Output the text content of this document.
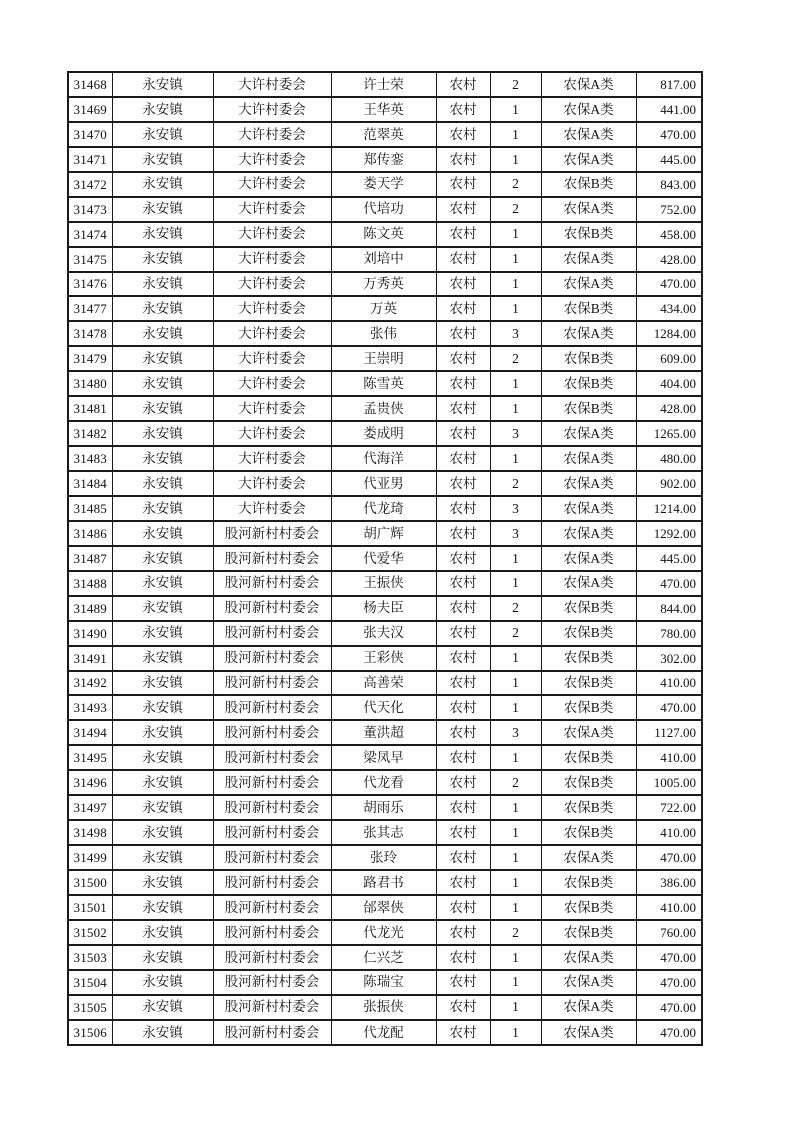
31468	永安镇	大许村委会	许士荣	农村	2	农保A类	817.00
31469	永安镇	大许村委会	王华英	农村	1	农保A类	441.00
31470	永安镇	大许村委会	范翠英	农村	1	农保A类	470.00
31471	永安镇	大许村委会	郑传銮	农村	1	农保A类	445.00
31472	永安镇	大许村委会	娄天学	农村	2	农保B类	843.00
31473	永安镇	大许村委会	代培功	农村	2	农保A类	752.00
31474	永安镇	大许村委会	陈文英	农村	1	农保B类	458.00
31475	永安镇	大许村委会	刘培中	农村	1	农保A类	428.00
31476	永安镇	大许村委会	万秀英	农村	1	农保A类	470.00
31477	永安镇	大许村委会	万英	农村	1	农保B类	434.00
31478	永安镇	大许村委会	张伟	农村	3	农保A类	1284.00
31479	永安镇	大许村委会	王崇明	农村	2	农保B类	609.00
31480	永安镇	大许村委会	陈雪英	农村	1	农保B类	404.00
31481	永安镇	大许村委会	孟贵侠	农村	1	农保B类	428.00
31482	永安镇	大许村委会	娄成明	农村	3	农保A类	1265.00
31483	永安镇	大许村委会	代海洋	农村	1	农保A类	480.00
31484	永安镇	大许村委会	代亚男	农村	2	农保A类	902.00
31485	永安镇	大许村委会	代龙琦	农村	3	农保A类	1214.00
31486	永安镇	股河新村村委会	胡广辉	农村	3	农保A类	1292.00
31487	永安镇	股河新村村委会	代爱华	农村	1	农保A类	445.00
31488	永安镇	股河新村村委会	王振侠	农村	1	农保A类	470.00
31489	永安镇	股河新村村委会	杨夫臣	农村	2	农保B类	844.00
31490	永安镇	股河新村村委会	张夫汉	农村	2	农保B类	780.00
31491	永安镇	股河新村村委会	王彩侠	农村	1	农保B类	302.00
31492	永安镇	股河新村村委会	高善荣	农村	1	农保B类	410.00
31493	永安镇	股河新村村委会	代天化	农村	1	农保B类	470.00
31494	永安镇	股河新村村委会	董洪超	农村	3	农保A类	1127.00
31495	永安镇	股河新村村委会	梁凤早	农村	1	农保B类	410.00
31496	永安镇	股河新村村委会	代龙看	农村	2	农保B类	1005.00
31497	永安镇	股河新村村委会	胡雨乐	农村	1	农保B类	722.00
31498	永安镇	股河新村村委会	张其志	农村	1	农保B类	410.00
31499	永安镇	股河新村村委会	张玲	农村	1	农保A类	470.00
31500	永安镇	股河新村村委会	路君书	农村	1	农保B类	386.00
31501	永安镇	股河新村村委会	邰翠侠	农村	1	农保B类	410.00
31502	永安镇	股河新村村委会	代龙光	农村	2	农保B类	760.00
31503	永安镇	股河新村村委会	仁兴芝	农村	1	农保A类	470.00
31504	永安镇	股河新村村委会	陈瑞宝	农村	1	农保A类	470.00
31505	永安镇	股河新村村委会	张振侠	农村	1	农保A类	470.00
31506	永安镇	股河新村村委会	代龙配	农村	1	农保A类	470.00
